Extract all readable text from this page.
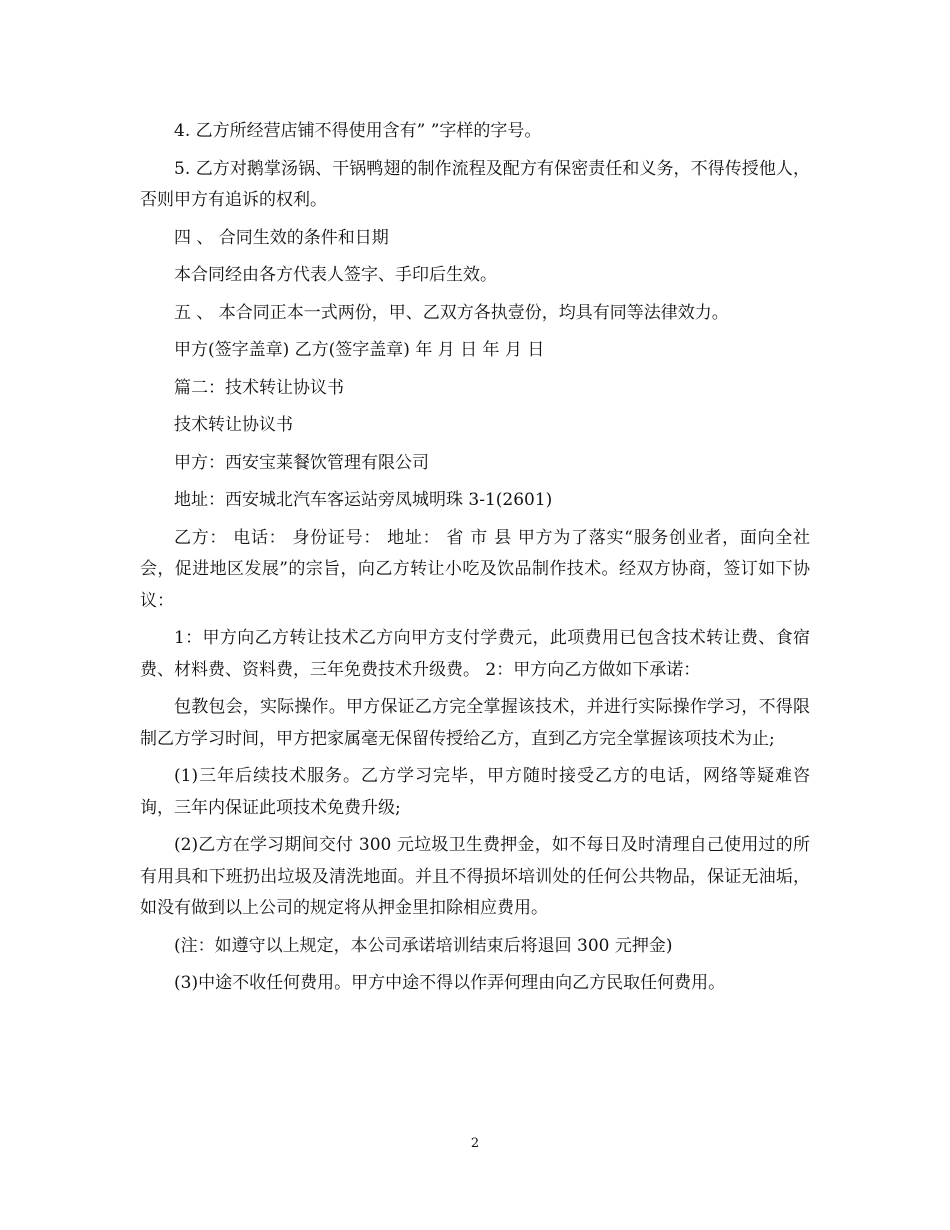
4. 乙方所经营店铺不得使用含有” ”字样的字号。

5. 乙方对鹅掌汤锅、干锅鸭翅的制作流程及配方有保密责任和义务，不得传授他人，否则甲方有追诉的权利。

四 、 合同生效的条件和日期

本合同经由各方代表人签字、手印后生效。

五 、 本合同正本一式两份，甲、乙双方各执壹份，均具有同等法律效力。

甲方(签字盖章) 乙方(签字盖章) 年 月 日 年 月 日

篇二：技术转让协议书

技术转让协议书

甲方：西安宝莱餐饮管理有限公司

地址：西安城北汽车客运站旁凤城明珠 3-1(2601)

乙方： 电话： 身份证号： 地址： 省 市 县 甲方为了落实“服务创业者，面向全社会，促进地区发展”的宗旨，向乙方转让小吃及饮品制作技术。经双方协商，签订如下协议：

1：甲方向乙方转让技术乙方向甲方支付学费元，此项费用已包含技术转让费、食宿费、材料费、资料费，三年免费技术升级费。 2：甲方向乙方做如下承诺：

包教包会，实际操作。甲方保证乙方完全掌握该技术，并进行实际操作学习，不得限制乙方学习时间，甲方把家属毫无保留传授给乙方，直到乙方完全掌握该项技术为止;

(1)三年后续技术服务。乙方学习完毕，甲方随时接受乙方的电话，网络等疑难咨询，三年内保证此项技术免费升级;

(2)乙方在学习期间交付 300 元垃圾卫生费押金，如不每日及时清理自己使用过的所有用具和下班扔出垃圾及清洗地面。并且不得损坏培训处的任何公共物品，保证无油垢，如没有做到以上公司的规定将从押金里扣除相应费用。

(注：如遵守以上规定，本公司承诺培训结束后将退回 300 元押金)

(3)中途不收任何费用。甲方中途不得以作弄何理由向乙方民取任何费用。

2
